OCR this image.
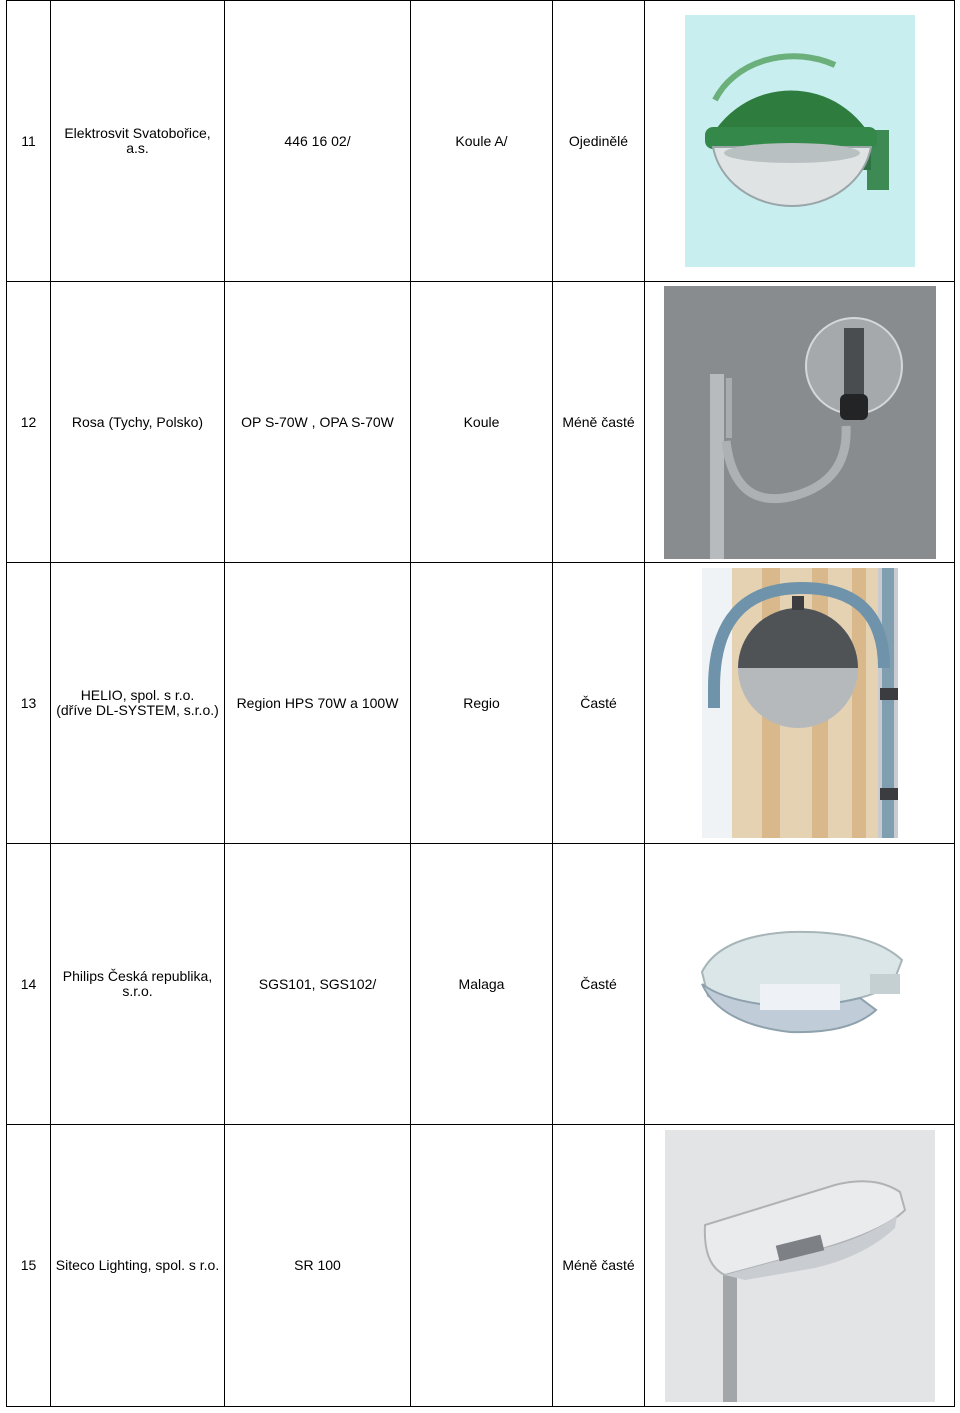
11	Elektrosvit Svatobořice,
a.s.	446 16 02/	Koule A/	Ojedinělé	

12	Rosa (Tychy, Polsko)	OP S-70W , OPA S-70W	Koule	Méně časté	

13	HELIO, spol. s r.o.
(dříve DL-SYSTEM, s.r.o.)	Region HPS 70W a 100W	Regio	Časté	

14	Philips Česká republika,
s.r.o.	SGS101, SGS102/	Malaga	Časté	

15	Siteco Lighting, spol. s r.o.	SR 100		Méně časté	
